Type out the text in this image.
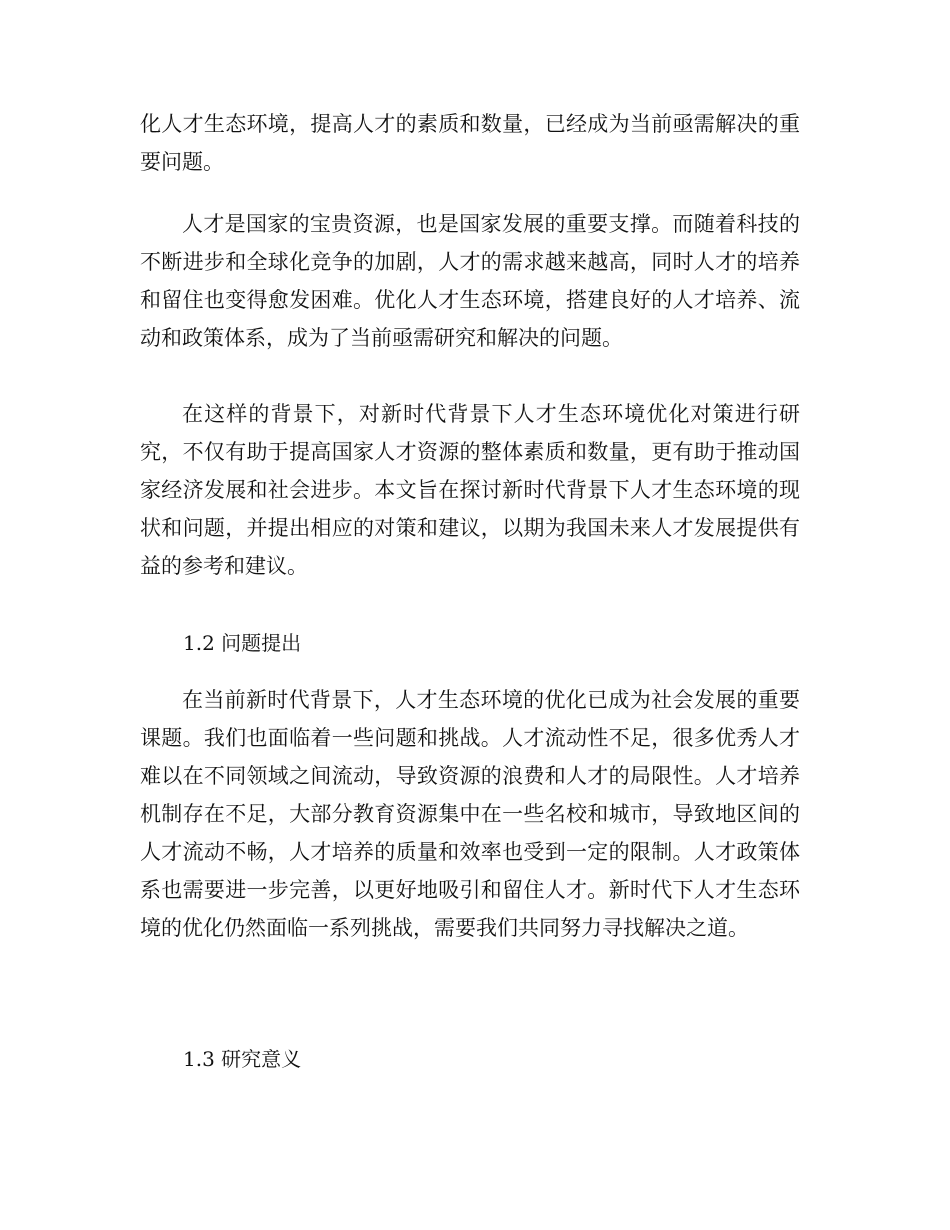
化人才生态环境，提高人才的素质和数量，已经成为当前亟需解决的重要问题。

人才是国家的宝贵资源，也是国家发展的重要支撑。而随着科技的不断进步和全球化竞争的加剧，人才的需求越来越高，同时人才的培养和留住也变得愈发困难。优化人才生态环境，搭建良好的人才培养、流动和政策体系，成为了当前亟需研究和解决的问题。

在这样的背景下，对新时代背景下人才生态环境优化对策进行研究，不仅有助于提高国家人才资源的整体素质和数量，更有助于推动国家经济发展和社会进步。本文旨在探讨新时代背景下人才生态环境的现状和问题，并提出相应的对策和建议，以期为我国未来人才发展提供有益的参考和建议。

1.2 问题提出

在当前新时代背景下，人才生态环境的优化已成为社会发展的重要课题。我们也面临着一些问题和挑战。人才流动性不足，很多优秀人才难以在不同领域之间流动，导致资源的浪费和人才的局限性。人才培养机制存在不足，大部分教育资源集中在一些名校和城市，导致地区间的人才流动不畅，人才培养的质量和效率也受到一定的限制。人才政策体系也需要进一步完善，以更好地吸引和留住人才。新时代下人才生态环境的优化仍然面临一系列挑战，需要我们共同努力寻找解决之道。

1.3 研究意义
